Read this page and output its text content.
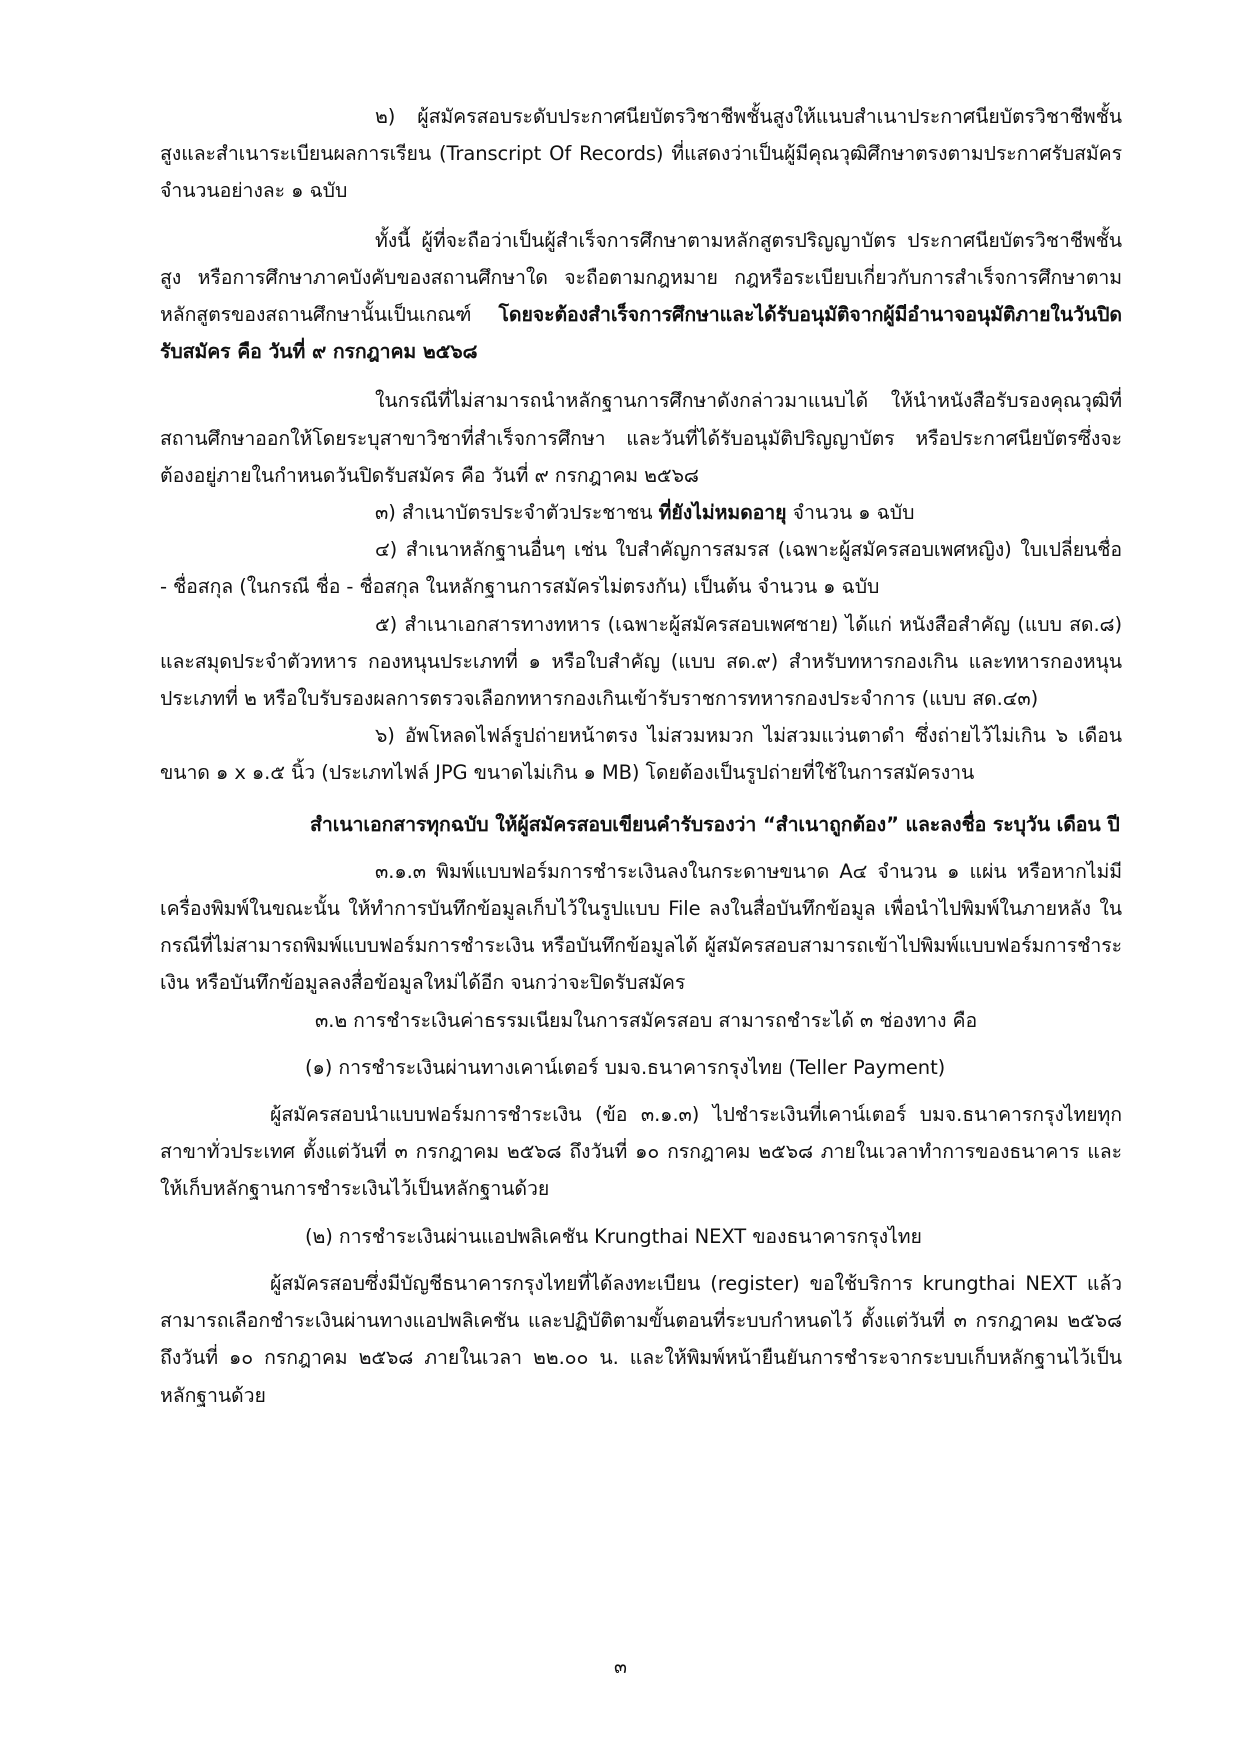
๒) ผู้สมัครสอบระดับประกาศนียบัตรวิชาชีพชั้นสูงให้แนบสำเนาประกาศนียบัตรวิชาชีพชั้นสูงและสำเนาระเบียนผลการเรียน (Transcript Of Records) ที่แสดงว่าเป็นผู้มีคุณวุฒิศึกษาตรงตามประกาศรับสมัคร จำนวนอย่างละ ๑ ฉบับ

ทั้งนี้ ผู้ที่จะถือว่าเป็นผู้สำเร็จการศึกษาตามหลักสูตรปริญญาบัตร ประกาศนียบัตรวิชาชีพชั้นสูง หรือการศึกษาภาคบังคับของสถานศึกษาใด จะถือตามกฎหมาย กฎหรือระเบียบเกี่ยวกับการสำเร็จการศึกษาตามหลักสูตรของสถานศึกษานั้นเป็นเกณฑ์ โดยจะต้องสำเร็จการศึกษาและได้รับอนุมัติจากผู้มีอำนาจอนุมัติภายในวันปิดรับสมัคร คือ วันที่ ๙ กรกฎาคม ๒๕๖๘

ในกรณีที่ไม่สามารถนำหลักฐานการศึกษาดังกล่าวมาแนบได้ ให้นำหนังสือรับรองคุณวุฒิที่สถานศึกษาออกให้โดยระบุสาขาวิชาที่สำเร็จการศึกษา และวันที่ได้รับอนุมัติปริญญาบัตร หรือประกาศนียบัตรซึ่งจะต้องอยู่ภายในกำหนดวันปิดรับสมัคร คือ วันที่ ๙ กรกฎาคม ๒๕๖๘

๓) สำเนาบัตรประจำตัวประชาชน ที่ยังไม่หมดอายุ จำนวน ๑ ฉบับ

๔) สำเนาหลักฐานอื่นๆ เช่น ใบสำคัญการสมรส (เฉพาะผู้สมัครสอบเพศหญิง) ใบเปลี่ยนชื่อ - ชื่อสกุล (ในกรณี ชื่อ - ชื่อสกุล ในหลักฐานการสมัครไม่ตรงกัน) เป็นต้น จำนวน ๑ ฉบับ

๕) สำเนาเอกสารทางทหาร (เฉพาะผู้สมัครสอบเพศชาย) ได้แก่ หนังสือสำคัญ (แบบ สด.๘) และสมุดประจำตัวทหาร กองหนุนประเภทที่ ๑ หรือใบสำคัญ (แบบ สด.๙) สำหรับทหารกองเกิน และทหารกองหนุนประเภทที่ ๒ หรือใบรับรองผลการตรวจเลือกทหารกองเกินเข้ารับราชการทหารกองประจำการ (แบบ สด.๔๓)

๖) อัพโหลดไฟล์รูปถ่ายหน้าตรง ไม่สวมหมวก ไม่สวมแว่นตาดำ ซึ่งถ่ายไว้ไม่เกิน ๖ เดือน ขนาด ๑ x ๑.๕ นิ้ว (ประเภทไฟล์ JPG ขนาดไม่เกิน ๑ MB) โดยต้องเป็นรูปถ่ายที่ใช้ในการสมัครงาน

สำเนาเอกสารทุกฉบับ ให้ผู้สมัครสอบเขียนคำรับรองว่า “สำเนาถูกต้อง” และลงชื่อ ระบุวัน เดือน ปี

๓.๑.๓ พิมพ์แบบฟอร์มการชำระเงินลงในกระดาษขนาด A๔ จำนวน ๑ แผ่น หรือหากไม่มีเครื่องพิมพ์ในขณะนั้น ให้ทำการบันทึกข้อมูลเก็บไว้ในรูปแบบ File ลงในสื่อบันทึกข้อมูล เพื่อนำไปพิมพ์ในภายหลัง ในกรณีที่ไม่สามารถพิมพ์แบบฟอร์มการชำระเงิน หรือบันทึกข้อมูลได้ ผู้สมัครสอบสามารถเข้าไปพิมพ์แบบฟอร์มการชำระเงิน หรือบันทึกข้อมูลลงสื่อข้อมูลใหม่ได้อีก จนกว่าจะปิดรับสมัคร

๓.๒ การชำระเงินค่าธรรมเนียมในการสมัครสอบ สามารถชำระได้ ๓ ช่องทาง คือ

(๑) การชำระเงินผ่านทางเคาน์เตอร์ บมจ.ธนาคารกรุงไทย (Teller Payment)

ผู้สมัครสอบนำแบบฟอร์มการชำระเงิน (ข้อ ๓.๑.๓) ไปชำระเงินที่เคาน์เตอร์ บมจ.ธนาคารกรุงไทยทุกสาขาทั่วประเทศ ตั้งแต่วันที่ ๓ กรกฎาคม ๒๕๖๘ ถึงวันที่ ๑๐ กรกฎาคม ๒๕๖๘ ภายในเวลาทำการของธนาคาร และให้เก็บหลักฐานการชำระเงินไว้เป็นหลักฐานด้วย

(๒) การชำระเงินผ่านแอปพลิเคชัน Krungthai NEXT ของธนาคารกรุงไทย

ผู้สมัครสอบซึ่งมีบัญชีธนาคารกรุงไทยที่ได้ลงทะเบียน (register) ขอใช้บริการ krungthai NEXT แล้วสามารถเลือกชำระเงินผ่านทางแอปพลิเคชัน และปฏิบัติตามขั้นตอนที่ระบบกำหนดไว้ ตั้งแต่วันที่ ๓ กรกฎาคม ๒๕๖๘ ถึงวันที่ ๑๐ กรกฎาคม ๒๕๖๘ ภายในเวลา ๒๒.๐๐ น. และให้พิมพ์หน้ายืนยันการชำระจากระบบเก็บหลักฐานไว้เป็นหลักฐานด้วย

๓
